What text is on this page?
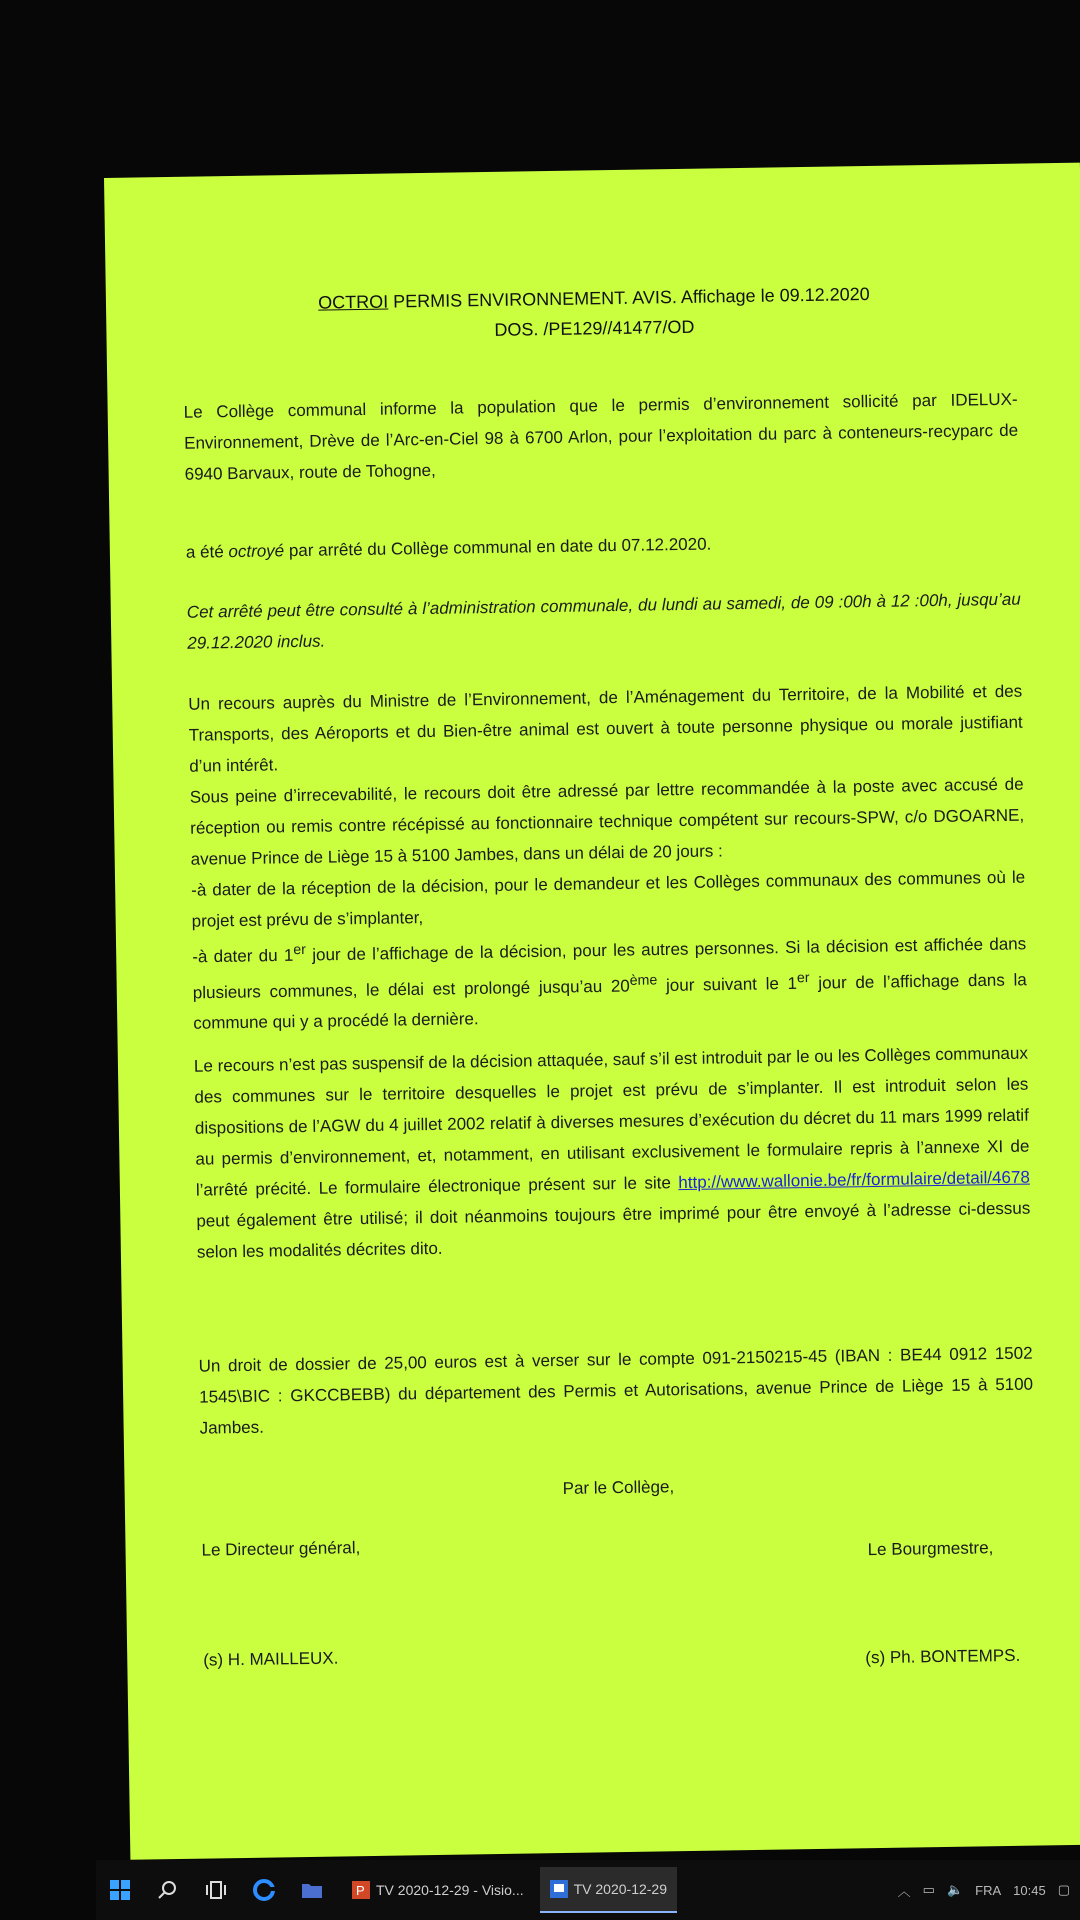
OCTROI PERMIS ENVIRONNEMENT. AVIS. Affichage le 09.12.2020
DOS. /PE129//41477/OD

Le Collège communal informe la population que le permis d’environnement sollicité par IDELUX-Environnement, Drève de l’Arc-en-Ciel 98 à 6700 Arlon, pour l’exploitation du parc à conteneurs-recyparc de 6940 Barvaux, route de Tohogne,

a été octroyé par arrêté du Collège communal en date du 07.12.2020.

Cet arrêté peut être consulté à l’administration communale, du lundi au samedi, de 09 :00h à 12 :00h, jusqu’au 29.12.2020 inclus.

Un recours auprès du Ministre de l’Environnement, de l’Aménagement du Territoire, de la Mobilité et des Transports, des Aéroports et du Bien-être animal est ouvert à toute personne physique ou morale justifiant d’un intérêt.
Sous peine d’irrecevabilité, le recours doit être adressé par lettre recommandée à la poste avec accusé de réception ou remis contre récépissé au fonctionnaire technique compétent sur recours-SPW, c/o DGOARNE, avenue Prince de Liège 15 à 5100 Jambes, dans un délai de 20 jours :
-à dater de la réception de la décision, pour le demandeur et les Collèges communaux des communes où le projet est prévu de s’implanter,
-à dater du 1er jour de l’affichage de la décision, pour les autres personnes. Si la décision est affichée dans plusieurs communes, le délai est prolongé jusqu’au 20ème jour suivant le 1er jour de l’affichage dans la commune qui y a procédé la dernière.

Le recours n’est pas suspensif de la décision attaquée, sauf s’il est introduit par le ou les Collèges communaux des communes sur le territoire desquelles le projet est prévu de s’implanter. Il est introduit selon les dispositions de l’AGW du 4 juillet 2002 relatif à diverses mesures d’exécution du décret du 11 mars 1999 relatif au permis d’environnement, et, notamment, en utilisant exclusivement le formulaire repris à l’annexe XI de l’arrêté précité. Le formulaire électronique présent sur le site http://www.wallonie.be/fr/formulaire/detail/4678 peut également être utilisé; il doit néanmoins toujours être imprimé pour être envoyé à l’adresse ci-dessus selon les modalités décrites dito.

Un droit de dossier de 25,00 euros est à verser sur le compte 091-2150215-45 (IBAN : BE44 0912 1502 1545\BIC : GKCCBEBB) du département des Permis et Autorisations, avenue Prince de Liège 15 à 5100 Jambes.

Par le Collège,
Le Directeur général,	Le Bourgmestre,
(s) H. MAILLEUX.	(s) Ph. BONTEMPS.
P TV 2020-12-29 - Visio...	TV 2020-12-29	︿ ▭ 🔈 FRA 10:45 ▢
